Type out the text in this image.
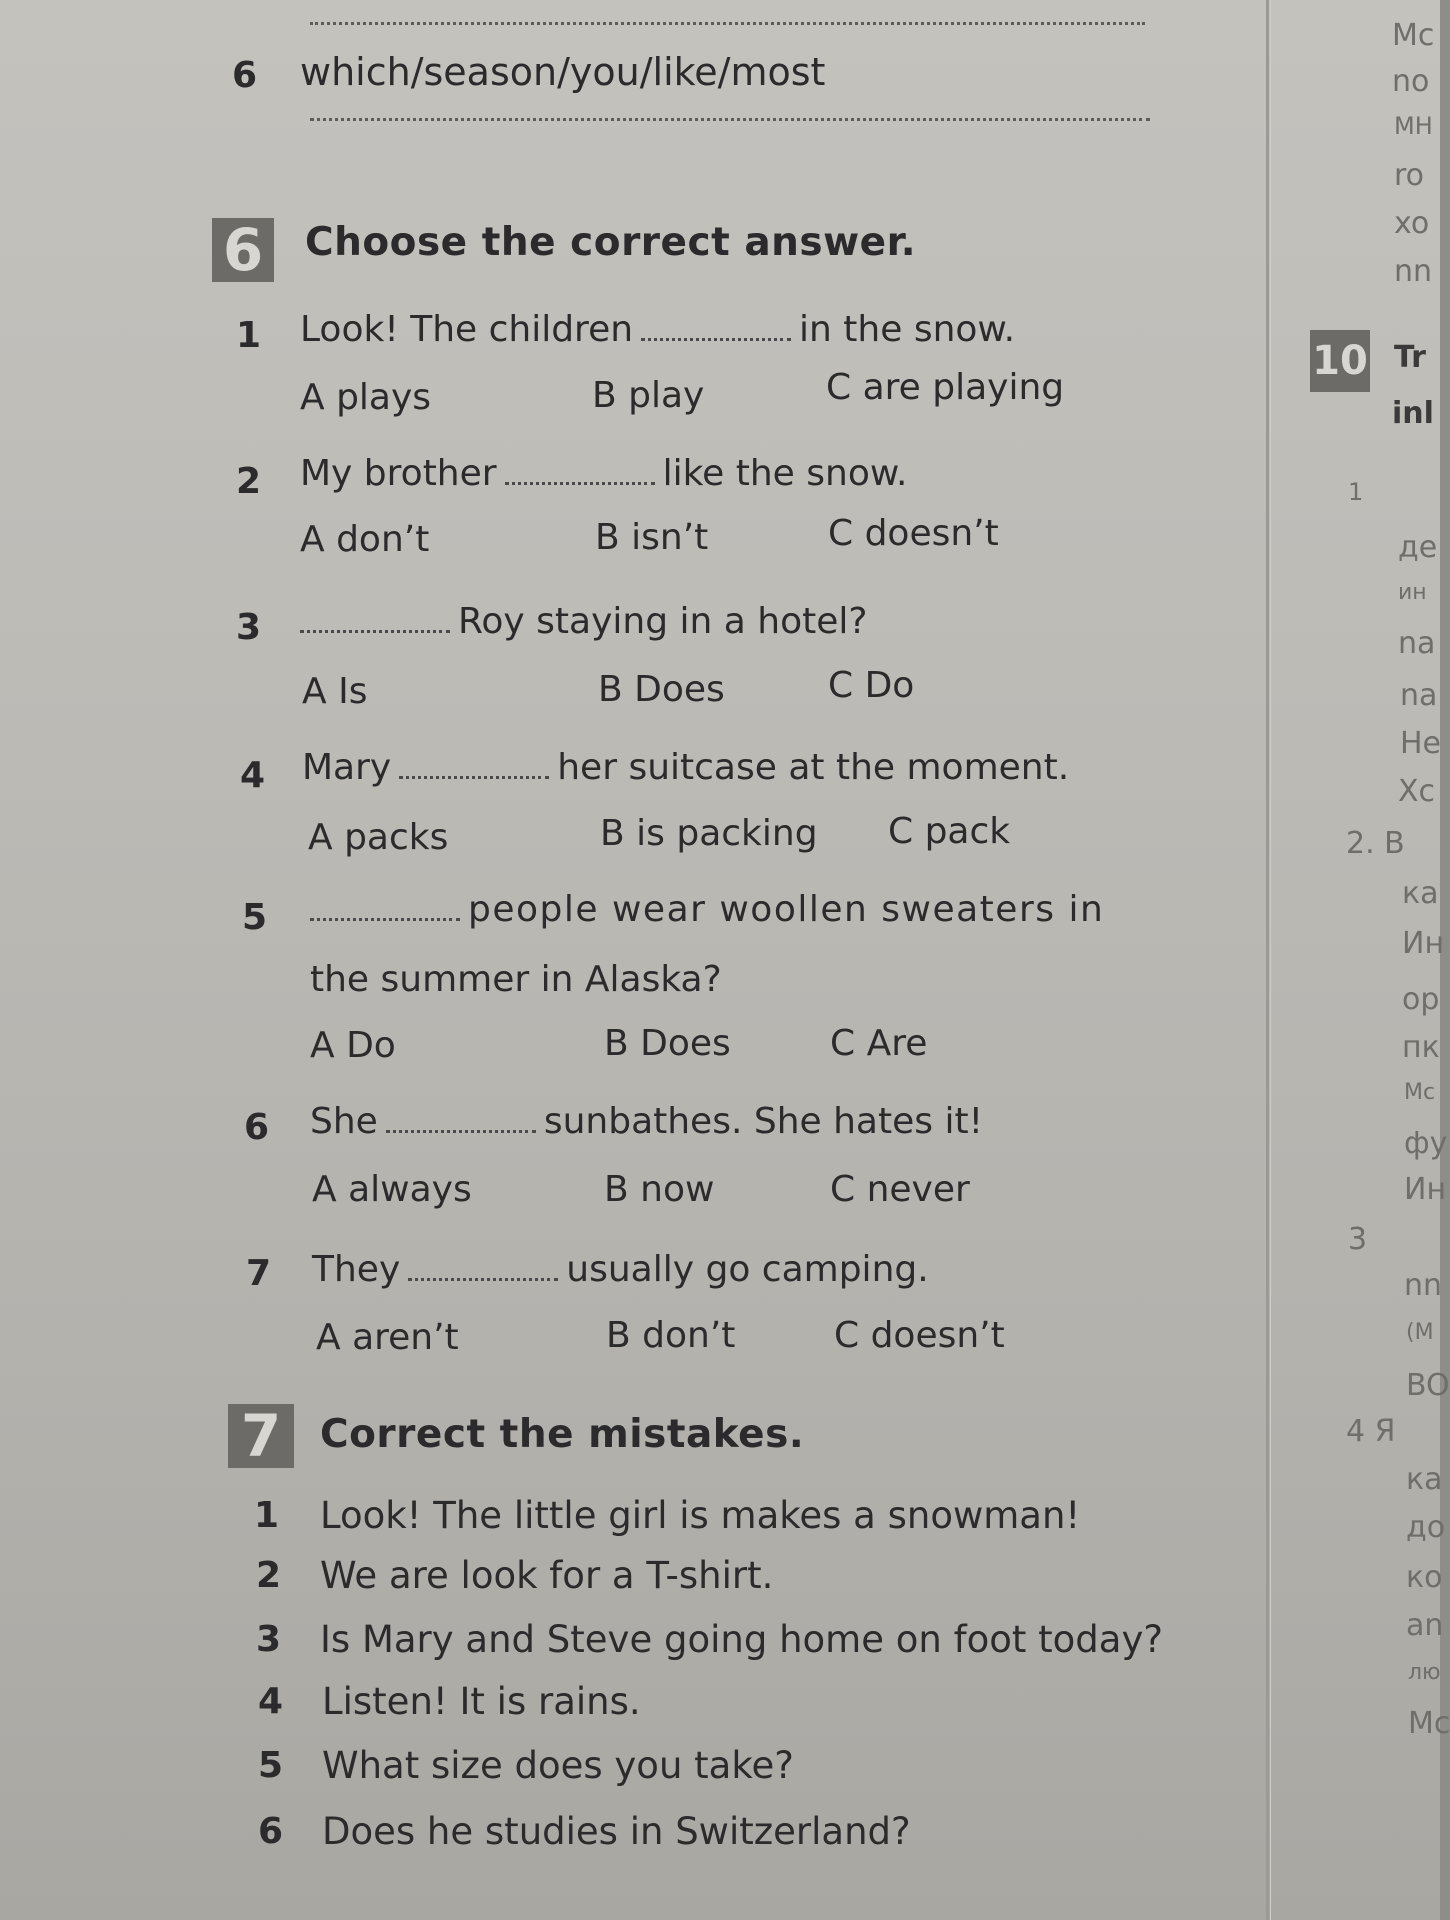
6 which/season/you/like/most
6 Choose the correct answer.
1 Look! The children	in the snow.
A plays	B play	C are playing
2 My brother	like the snow.
A don’t	B isn’t	C doesn’t
3	Roy staying in a hotel?
A Is	B Does	C Do
4 Mary	her suitcase at the moment.
A packs	B is packing C pack
5	people wear woollen sweaters in
the summer in Alaska?
A Do	B Does	C Are
6 She	sunbathes. She hates it!
A always	B now	C never
7 They	usually go camping.
A aren’t	B don’t	C doesn’t
7 Correct the mistakes.
1 Look! The little girl is makes a snowman!
2 We are look for a T-shirt.
3 Is Mary and Steve going home on foot today?
4 Listen! It is rains.
5 What size does you take?
6 Does he studies in Switzerland?
10
Mc
no
MH
ro
xo
nn
Tr
inl
1
де
ин
na
na
He
Xc
2. B
ка
Ин
op
пк
Mc
фу
Ин
3
nn
(M
BO
4 Я
ка
до
ко
an
лю
Mc
